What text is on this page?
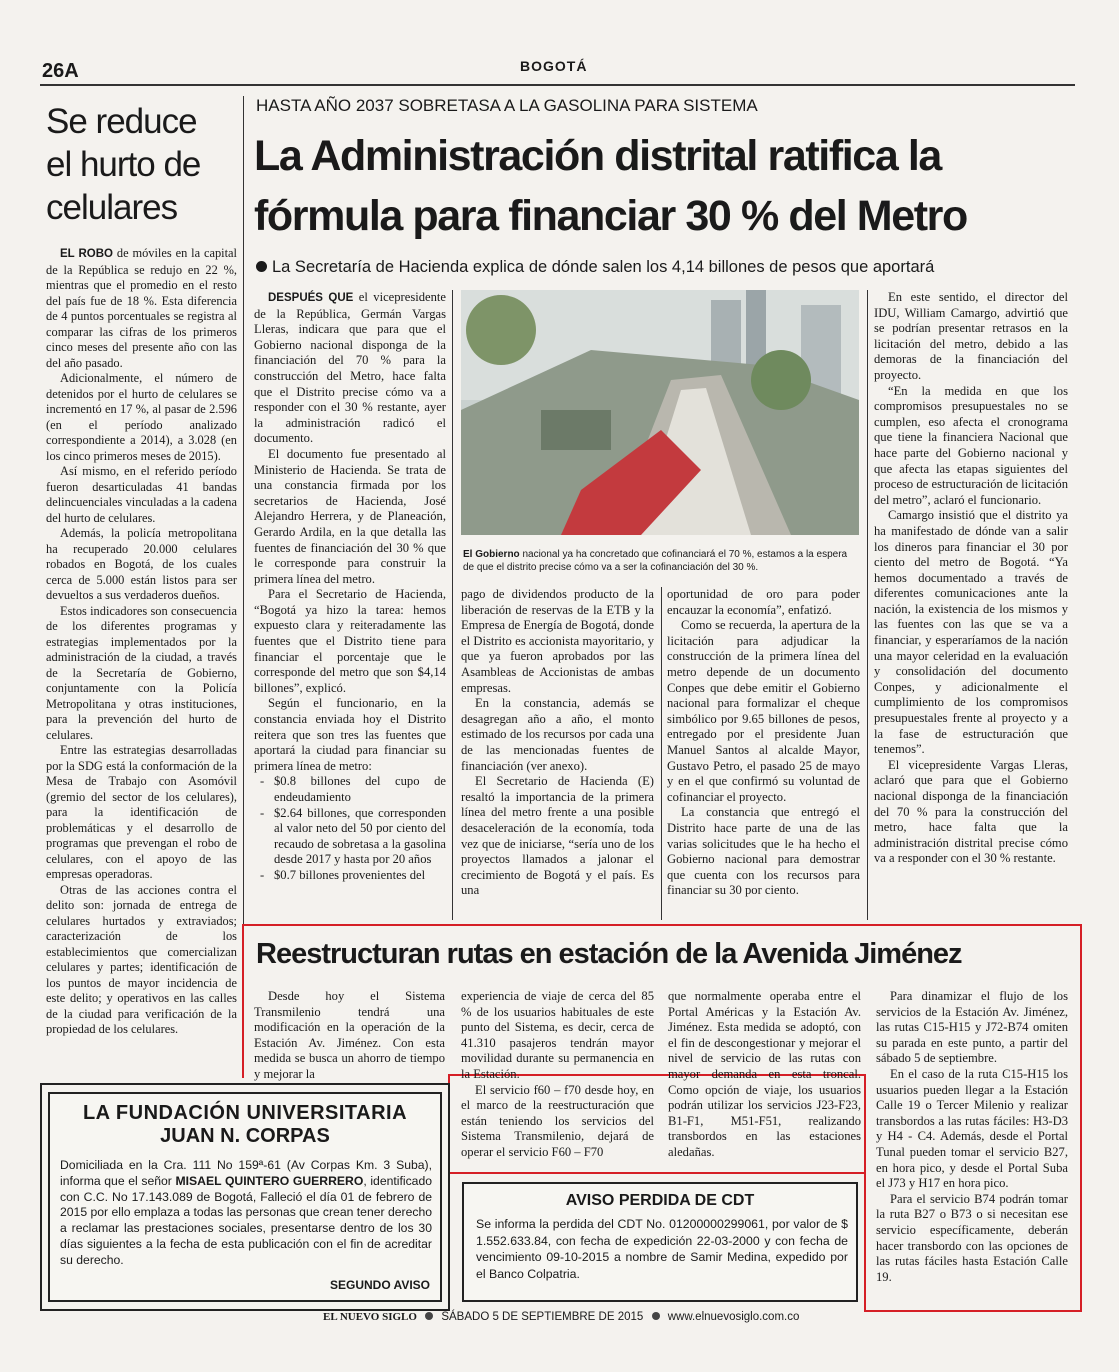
26A	BOGOTÁ
Se reduce el hurto de celulares

EL ROBO de móviles en la capital de la República se redujo en 22 %, mientras que el promedio en el resto del país fue de 18 %. Esta diferencia de 4 puntos porcentuales se registra al comparar las cifras de los primeros cinco meses del presente año con las del año pasado.

Adicionalmente, el número de detenidos por el hurto de celulares se incrementó en 17 %, al pasar de 2.596 (en el período analizado correspondiente a 2014), a 3.028 (en los cinco primeros meses de 2015).

Así mismo, en el referido período fueron desarticuladas 41 bandas delincuenciales vinculadas a la cadena del hurto de celulares.

Además, la policía metropolitana ha recuperado 20.000 celulares robados en Bogotá, de los cuales cerca de 5.000 están listos para ser devueltos a sus verdaderos dueños.

Estos indicadores son consecuencia de los diferentes programas y estrategias implementados por la administración de la ciudad, a través de la Secretaría de Gobierno, conjuntamente con la Policía Metropolitana y otras instituciones, para la prevención del hurto de celulares.

Entre las estrategias desarrolladas por la SDG está la conformación de la Mesa de Trabajo con Asomóvil (gremio del sector de los celulares), para la identificación de problemáticas y el desarrollo de programas que prevengan el robo de celulares, con el apoyo de las empresas operadoras.

Otras de las acciones contra el delito son: jornada de entrega de celulares hurtados y extraviados; caracterización de los establecimientos que comercializan celulares y partes; identificación de los puntos de mayor incidencia de este delito; y operativos en las calles de la ciudad para verificación de la propiedad de los celulares.

HASTA AÑO 2037 SOBRETASA A LA GASOLINA PARA SISTEMA
La Administración distrital ratifica la fórmula para financiar 30 % del Metro
La Secretaría de Hacienda explica de dónde salen los 4,14 billones de pesos que aportará

DESPUÉS QUE el vicepresidente de la República, Germán Vargas Lleras, indicara que para que el Gobierno nacional disponga de la financiación del 70 % para la construcción del Metro, hace falta que el Distrito precise cómo va a responder con el 30 % restante, ayer la administración radicó el documento.

El documento fue presentado al Ministerio de Hacienda. Se trata de una constancia firmada por los secretarios de Hacienda, José Alejandro Herrera, y de Planeación, Gerardo Ardila, en la que detalla las fuentes de financiación del 30 % que le corresponde para construir la primera línea del metro.

Para el Secretario de Hacienda, “Bogotá ya hizo la tarea: hemos expuesto clara y reiteradamente las fuentes que el Distrito tiene para financiar el porcentaje que le corresponde del metro que son $4,14 billones”, explicó.

Según el funcionario, en la constancia enviada hoy el Distrito reitera que son tres las fuentes que aportará la ciudad para financiar su primera línea de metro:

- $0.8 billones del cupo de endeudamiento
- $2.64 billones, que corresponden al valor neto del 50 por ciento del recaudo de sobretasa a la gasolina desde 2017 y hasta por 20 años
- $0.7 billones provenientes del
El Gobierno nacional ya ha concretado que cofinanciará el 70 %, estamos a la espera de que el distrito precise cómo va a ser la cofinanciación del 30 %.

pago de dividendos producto de la liberación de reservas de la ETB y la Empresa de Energía de Bogotá, donde el Distrito es accionista mayoritario, y que ya fueron aprobados por las Asambleas de Accionistas de ambas empresas.

En la constancia, además se desagregan año a año, el monto estimado de los recursos por cada una de las mencionadas fuentes de financiación (ver anexo).

El Secretario de Hacienda (E) resaltó la importancia de la primera línea del metro frente a una posible desaceleración de la economía, toda vez que de iniciarse, “sería uno de los proyectos llamados a jalonar el crecimiento de Bogotá y el país. Es una

oportunidad de oro para poder encauzar la economía”, enfatizó.

Como se recuerda, la apertura de la licitación para adjudicar la construcción de la primera línea del metro depende de un documento Conpes que debe emitir el Gobierno nacional para formalizar el cheque simbólico por 9.65 billones de pesos, entregado por el presidente Juan Manuel Santos al alcalde Mayor, Gustavo Petro, el pasado 25 de mayo y en el que confirmó su voluntad de cofinanciar el proyecto.

La constancia que entregó el Distrito hace parte de una de las varias solicitudes que le ha hecho el Gobierno nacional para demostrar que cuenta con los recursos para financiar su 30 por ciento.

En este sentido, el director del IDU, William Camargo, advirtió que se podrían presentar retrasos en la licitación del metro, debido a las demoras de la financiación del proyecto.

“En la medida en que los compromisos presupuestales no se cumplen, eso afecta el cronograma que tiene la financiera Nacional que hace parte del Gobierno nacional y que afecta las etapas siguientes del proceso de estructuración de licitación del metro”, aclaró el funcionario.

Camargo insistió que el distrito ya ha manifestado de dónde van a salir los dineros para financiar el 30 por ciento del metro de Bogotá. “Ya hemos documentado a través de diferentes comunicaciones ante la nación, la existencia de los mismos y las fuentes con las que se va a financiar, y esperaríamos de la nación una mayor celeridad en la evaluación y consolidación del documento Conpes, y adicionalmente el cumplimiento de los compromisos presupuestales frente al proyecto y a la fase de estructuración que tenemos”.

El vicepresidente Vargas Lleras, aclaró que para que el Gobierno nacional disponga de la financiación del 70 % para la construcción del metro, hace falta que la administración distrital precise cómo va a responder con el 30 % restante.

Reestructuran rutas en estación de la Avenida Jiménez

Desde hoy el Sistema Transmilenio tendrá una modificación en la operación de la Estación Av. Jiménez. Con esta medida se busca un ahorro de tiempo y mejorar la

experiencia de viaje de cerca del 85 % de los usuarios habituales de este punto del Sistema, es decir, cerca de 41.310 pasajeros tendrán mayor movilidad durante su permanencia en la Estación.

El servicio f60 – f70 desde hoy, en el marco de la reestructuración que están teniendo los servicios del Sistema Transmilenio, dejará de operar el servicio F60 – F70

que normalmente operaba entre el Portal Américas y la Estación Av. Jiménez. Esta medida se adoptó, con el fin de descongestionar y mejorar el nivel de servicio de las rutas con mayor demanda en esta troncal. Como opción de viaje, los usuarios podrán utilizar los servicios J23-F23, B1-F1, M51-F51, realizando transbordos en las estaciones aledañas.

Para dinamizar el flujo de los servicios de la Estación Av. Jiménez, las rutas C15-H15 y J72-B74 omiten su parada en este punto, a partir del sábado 5 de septiembre.

En el caso de la ruta C15-H15 los usuarios pueden llegar a la Estación Calle 19 o Tercer Milenio y realizar transbordos a las rutas fáciles: H3-D3 y H4 - C4. Además, desde el Portal Tunal pueden tomar el servicio B27, en hora pico, y desde el Portal Suba el J73 y H17 en hora pico.

Para el servicio B74 podrán tomar la ruta B27 o B73 o si necesitan ese servicio específicamente, deberán hacer transbordo con las opciones de las rutas fáciles hasta Estación Calle 19.

LA FUNDACIÓN UNIVERSITARIA
JUAN N. CORPAS
Domiciliada en la Cra. 111 No 159ª-61 (Av Corpas Km. 3 Suba), informa que el señor MISAEL QUINTERO GUERRERO, identificado con C.C. No 17.143.089 de Bogotá, Falleció el día 01 de febrero de 2015 por ello emplaza a todas las personas que crean tener derecho a reclamar las prestaciones sociales, presentarse dentro de los 30 días siguientes a la fecha de esta publicación con el fin de acreditar su derecho.
SEGUNDO AVISO
AVISO PERDIDA DE CDT
Se informa la perdida del CDT No. 01200000299061, por valor de $ 1.552.633.84, con fecha de expedición 22-03-2000 y con fecha de vencimiento 09-10-2015 a nombre de Samir Medina, expedido por el Banco Colpatria.
EL NUEVO SIGLO SÁBADO 5 DE SEPTIEMBRE DE 2015 www.elnuevosiglo.com.co
